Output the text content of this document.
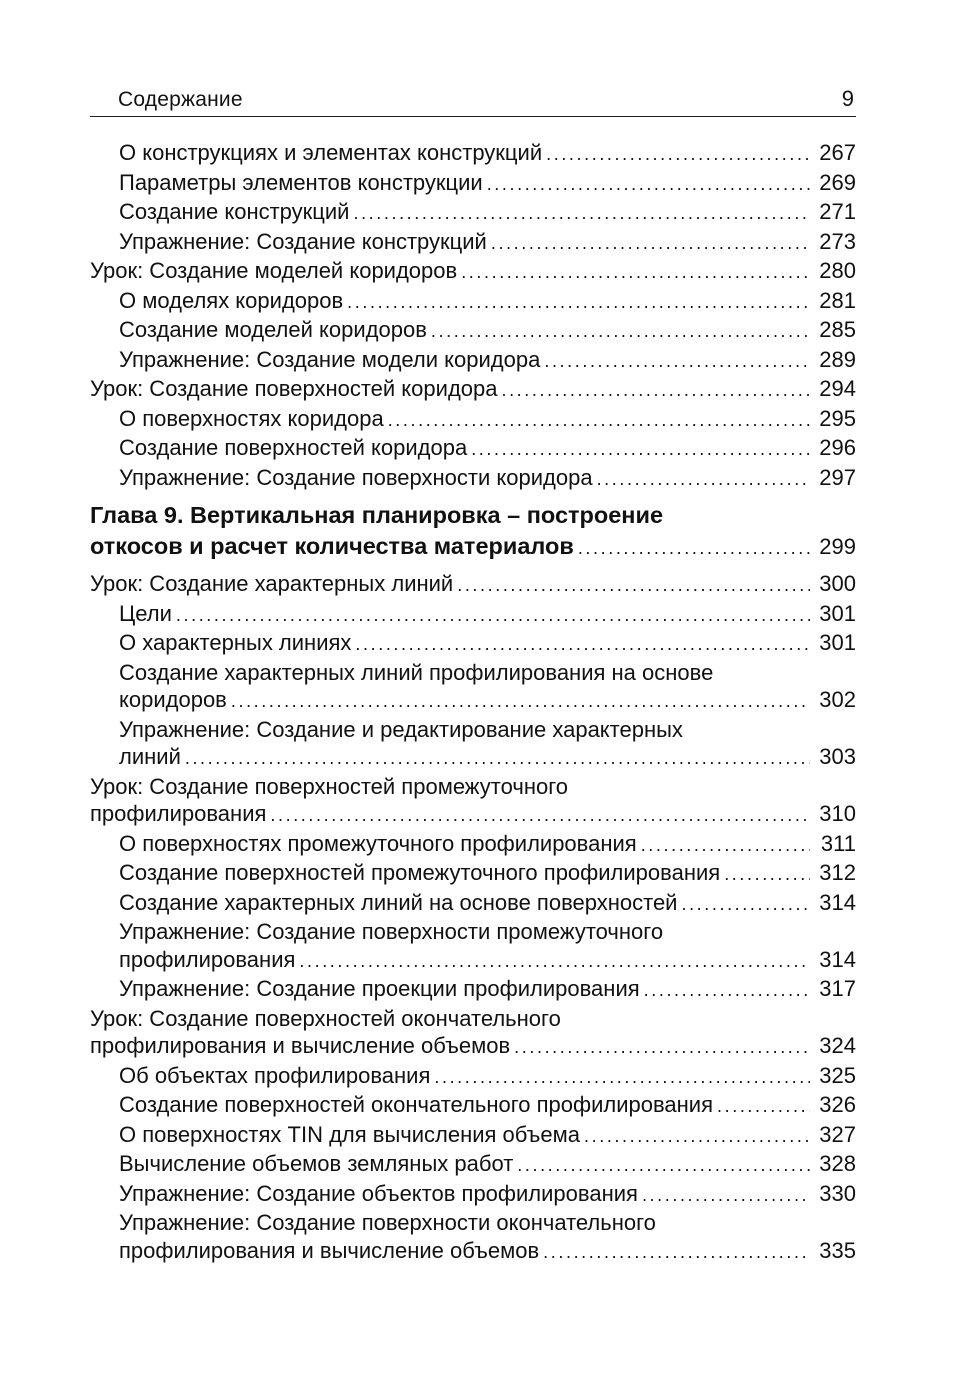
Содержание	9
О конструкциях и элементах конструкций .....	267
Параметры элементов конструкции .....	269
Создание конструкций .....	271
Упражнение: Создание конструкций .....	273
Урок: Создание моделей коридоров .....	280
О моделях коридоров .....	281
Создание моделей коридоров .....	285
Упражнение: Создание модели коридора .....	289
Урок: Создание поверхностей коридора .....	294
О поверхностях коридора .....	295
Создание поверхностей коридора .....	296
Упражнение: Создание поверхности коридора .....	297
Глава 9. Вертикальная планировка – построение
откосов и расчет количества материалов .....	299
Урок: Создание характерных линий .....	300
Цели .....	301
О характерных линиях .....	301
Создание характерных линий профилирования на основе
коридоров .....	302
Упражнение: Создание и редактирование характерных
линий .....	303
Урок: Создание поверхностей промежуточного
профилирования .....	310
О поверхностях промежуточного профилирования .....	311
Создание поверхностей промежуточного профилирования .....	312
Создание характерных линий на основе поверхностей .....	314
Упражнение: Создание поверхности промежуточного
профилирования .....	314
Упражнение: Создание проекции профилирования .....	317
Урок: Создание поверхностей окончательного
профилирования и вычисление объемов .....	324
Об объектах профилирования .....	325
Создание поверхностей окончательного профилирования .....	326
О поверхностях TIN для вычисления объема .....	327
Вычисление объемов земляных работ .....	328
Упражнение: Создание объектов профилирования .....	330
Упражнение: Создание поверхности окончательного
профилирования и вычисление объемов .....	335
